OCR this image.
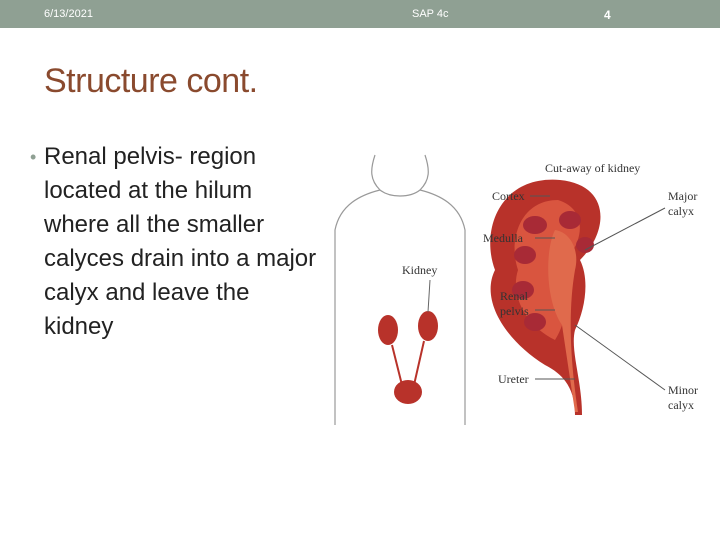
6/13/2021	SAP 4c	4
Structure cont.
• Renal pelvis- region located at the hilum where all the smaller calyces drain into a major calyx and leave the kidney
Kidney
Cut-away of kidney
Cortex
Medulla
Renal
pelvis
Ureter
Major
calyx
Minor
calyx
